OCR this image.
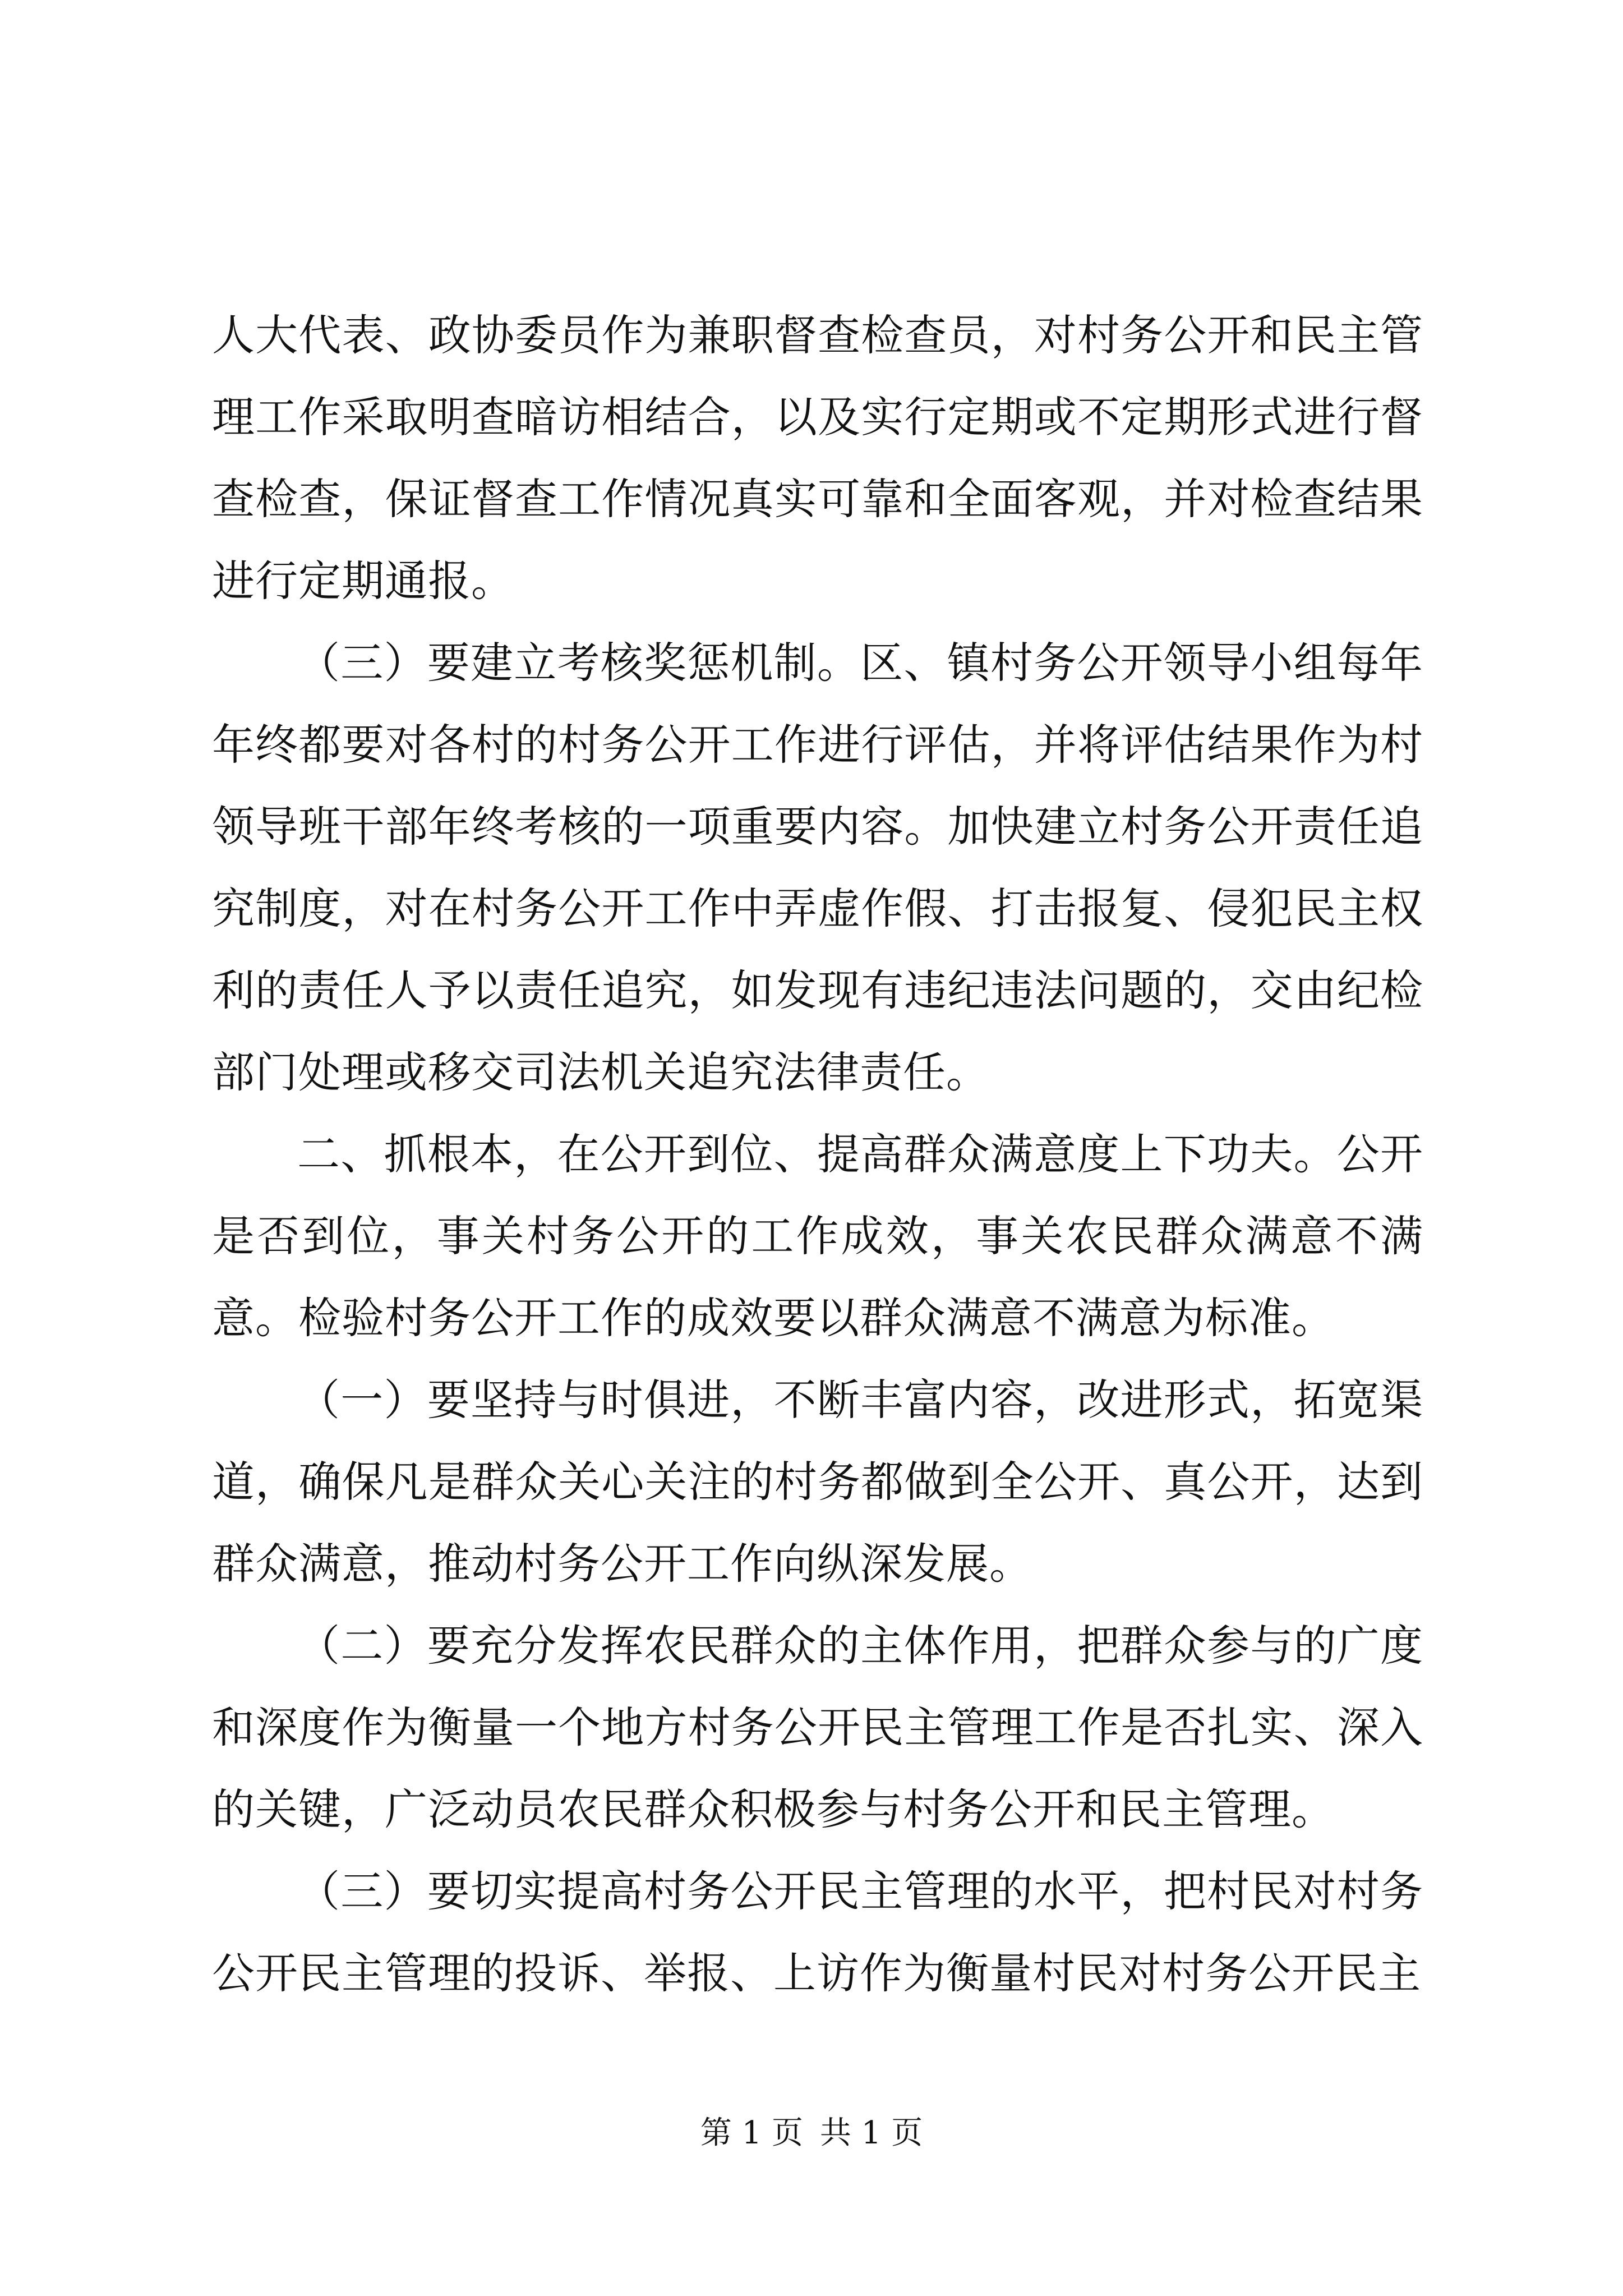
人大代表、政协委员作为兼职督查检查员，对村务公开和民主管理工作采取明查暗访相结合，以及实行定期或不定期形式进行督查检查，保证督查工作情况真实可靠和全面客观，并对检查结果进行定期通报。

（三）要建立考核奖惩机制。区、镇村务公开领导小组每年年终都要对各村的村务公开工作进行评估，并将评估结果作为村领导班干部年终考核的一项重要内容。加快建立村务公开责任追究制度，对在村务公开工作中弄虚作假、打击报复、侵犯民主权利的责任人予以责任追究，如发现有违纪违法问题的，交由纪检部门处理或移交司法机关追究法律责任。

二、抓根本，在公开到位、提高群众满意度上下功夫。公开是否到位，事关村务公开的工作成效，事关农民群众满意不满意。检验村务公开工作的成效要以群众满意不满意为标准。

（一）要坚持与时俱进，不断丰富内容，改进形式，拓宽渠道，确保凡是群众关心关注的村务都做到全公开、真公开，达到群众满意，推动村务公开工作向纵深发展。

（二）要充分发挥农民群众的主体作用，把群众参与的广度和深度作为衡量一个地方村务公开民主管理工作是否扎实、深入的关键，广泛动员农民群众积极参与村务公开和民主管理。

（三）要切实提高村务公开民主管理的水平，把村民对村务公开民主管理的投诉、举报、上访作为衡量村民对村务公开民主

第 1 页 共 1 页
